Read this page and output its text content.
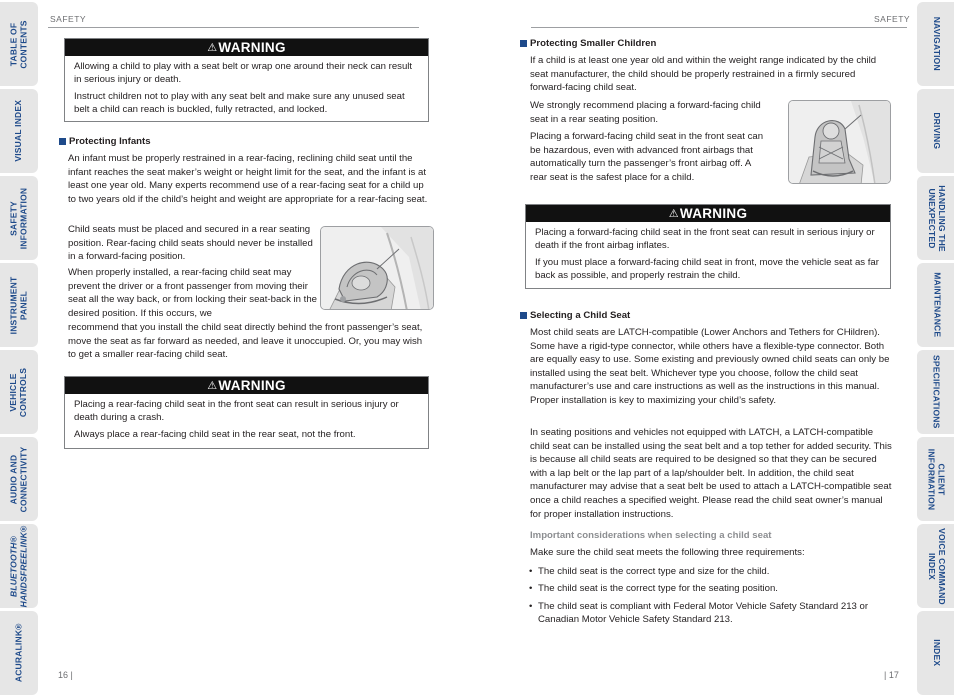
TABLE OF
CONTENTS
VISUAL INDEX
SAFETY
INFORMATION
INSTRUMENT
PANEL
VEHICLE
CONTROLS
AUDIO AND
CONNECTIVITY
BLUETOOTH®
HANDSFREELINK®
ACURALINK®
NAVIGATION
DRIVING
HANDLING THE
UNEXPECTED
MAINTENANCE
SPECIFICATIONS
CLIENT
INFORMATION
VOICE COMMAND
INDEX
INDEX
SAFETY
⚠WARNING

Allowing a child to play with a seat belt or wrap one around their neck can result in serious injury or death.

Instruct children not to play with any seat belt and make sure any unused seat belt a child can reach is buckled, fully retracted, and locked.

Protecting Infants
An infant must be properly restrained in a rear-facing, reclining child seat until the infant reaches the seat maker’s weight or height limit for the seat, and the infant is at least one year old. Many experts recommend use of a rear-facing seat for a child up to two years old if the child’s height and weight are appropriate for a rear-facing seat.
Child seats must be placed and secured in a rear seating position. Rear-facing child seats should never be installed in a forward-facing position.
When properly installed, a rear-facing child seat may prevent the driver or a front passenger from moving their seat all the way back, or from locking their seat-back in the desired position. If this occurs, we
recommend that you install the child seat directly behind the front passenger’s seat, move the seat as far forward as needed, and leave it unoccupied. Or, you may wish to get a smaller rear-facing child seat.
⚠WARNING

Placing a rear-facing child seat in the front seat can result in serious injury or death during a crash.

Always place a rear-facing child seat in the rear seat, not the front.

16 |
SAFETY
Protecting Smaller Children
If a child is at least one year old and within the weight range indicated by the child seat manufacturer, the child should be properly restrained in a firmly secured forward-facing child seat.
We strongly recommend placing a forward-facing child seat in a rear seating position.
Placing a forward-facing child seat in the front seat can be hazardous, even with advanced front airbags that automatically turn the passenger’s front airbag off. A rear seat is the safest place for a child.
⚠WARNING

Placing a forward-facing child seat in the front seat can result in serious injury or death if the front airbag inflates.

If you must place a forward-facing child seat in front, move the vehicle seat as far back as possible, and properly restrain the child.

Selecting a Child Seat
Most child seats are LATCH-compatible (Lower Anchors and Tethers for CHildren). Some have a rigid-type connector, while others have a flexible-type connector. Both are equally easy to use. Some existing and previously owned child seats can only be installed using the seat belt. Whichever type you choose, follow the child seat manufacturer’s use and care instructions as well as the instructions in this manual. Proper installation is key to maximizing your child’s safety.
In seating positions and vehicles not equipped with LATCH, a LATCH-compatible child seat can be installed using the seat belt and a top tether for added security. This is because all child seats are required to be designed so that they can be secured with a lap belt or the lap part of a lap/shoulder belt. In addition, the child seat manufacturer may advise that a seat belt be used to attach a LATCH-compatible seat once a child reaches a specified weight. Please read the child seat owner’s manual for proper installation instructions.
Important considerations when selecting a child seat
Make sure the child seat meets the following three requirements:
• The child seat is the correct type and size for the child.
• The child seat is the correct type for the seating position.
• The child seat is compliant with Federal Motor Vehicle Safety Standard 213 or Canadian Motor Vehicle Safety Standard 213.
| 17
